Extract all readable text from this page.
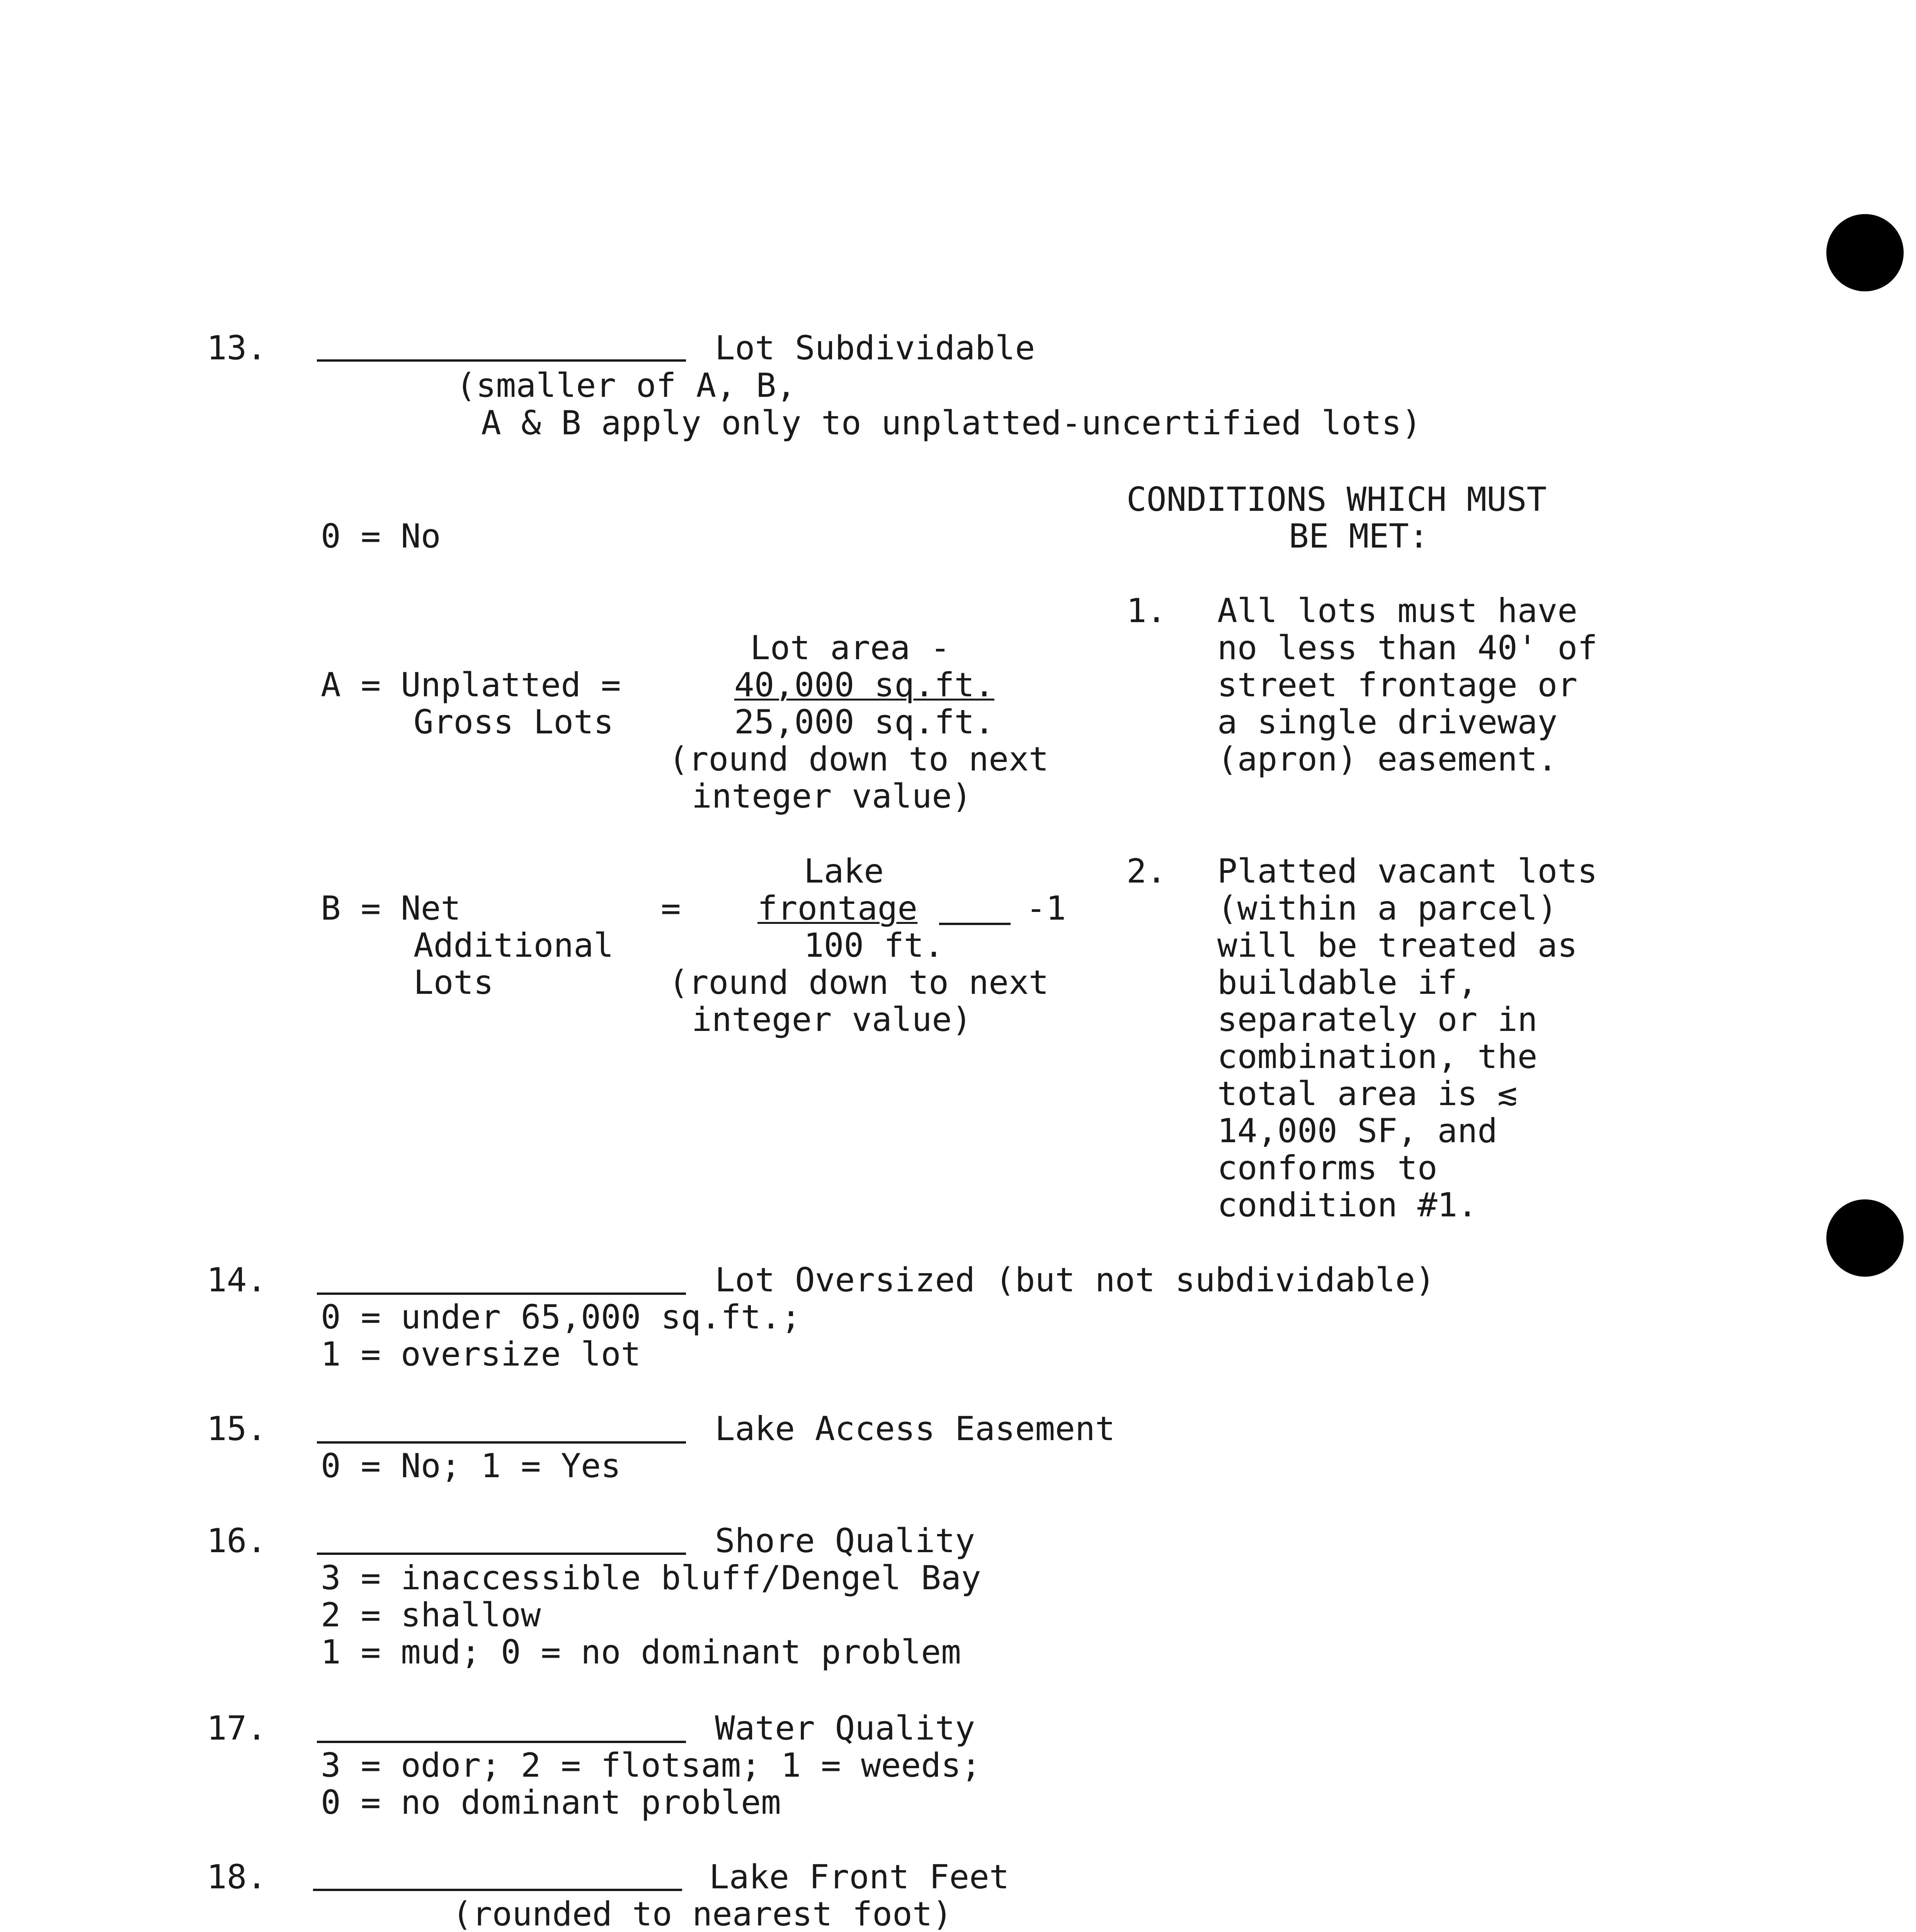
13.	Lot Subdividable
(smaller of A, B,
A & B apply only to unplatted-uncertified lots)
0 = No
A = Unplatted =
Gross Lots
Lot area -
40,000 sq.ft.
25,000 sq.ft.
(round down to next
integer value)
B = Net	=
Additional
Lots
Lake
frontage	-1
100 ft.
(round down to next
integer value)
CONDITIONS WHICH MUST
BE MET:
1. All lots must have
no less than 40' of
street frontage or
a single driveway
(apron) easement.
2. Platted vacant lots
(within a parcel)
will be treated as
buildable if,
separately or in
combination, the
total area is ≲
14,000 SF, and
conforms to
condition #1.
14.	Lot Oversized (but not subdividable)
0 = under 65,000 sq.ft.;
1 = oversize lot
15.	Lake Access Easement
0 = No; 1 = Yes
16.	Shore Quality
3 = inaccessible bluff/Dengel Bay
2 = shallow
1 = mud; 0 = no dominant problem
17.	Water Quality
3 = odor; 2 = flotsam; 1 = weeds;
0 = no dominant problem
18.	Lake Front Feet
(rounded to nearest foot)
